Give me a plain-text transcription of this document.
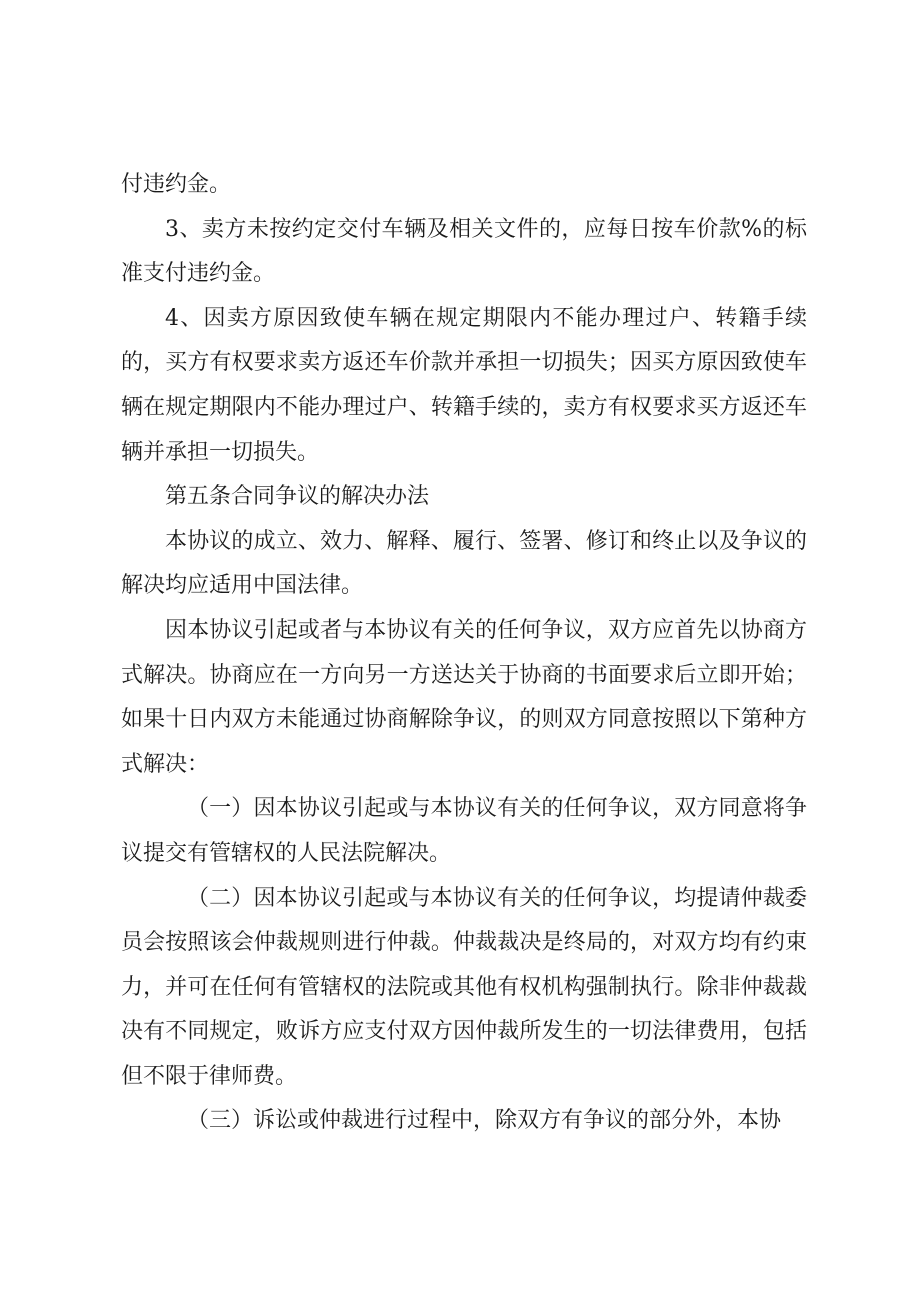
付违约金。

3、卖方未按约定交付车辆及相关文件的，应每日按车价款%的标准支付违约金。

4、因卖方原因致使车辆在规定期限内不能办理过户、转籍手续的，买方有权要求卖方返还车价款并承担一切损失；因买方原因致使车辆在规定期限内不能办理过户、转籍手续的，卖方有权要求买方返还车辆并承担一切损失。

第五条合同争议的解决办法

本协议的成立、效力、解释、履行、签署、修订和终止以及争议的解决均应适用中国法律。

因本协议引起或者与本协议有关的任何争议，双方应首先以协商方式解决。协商应在一方向另一方送达关于协商的书面要求后立即开始；如果十日内双方未能通过协商解除争议，的则双方同意按照以下第种方式解决：

（一）因本协议引起或与本协议有关的任何争议，双方同意将争议提交有管辖权的人民法院解决。

（二）因本协议引起或与本协议有关的任何争议，均提请仲裁委员会按照该会仲裁规则进行仲裁。仲裁裁决是终局的，对双方均有约束力，并可在任何有管辖权的法院或其他有权机构强制执行。除非仲裁裁决有不同规定，败诉方应支付双方因仲裁所发生的一切法律费用，包括但不限于律师费。

（三）诉讼或仲裁进行过程中，除双方有争议的部分外，本协
